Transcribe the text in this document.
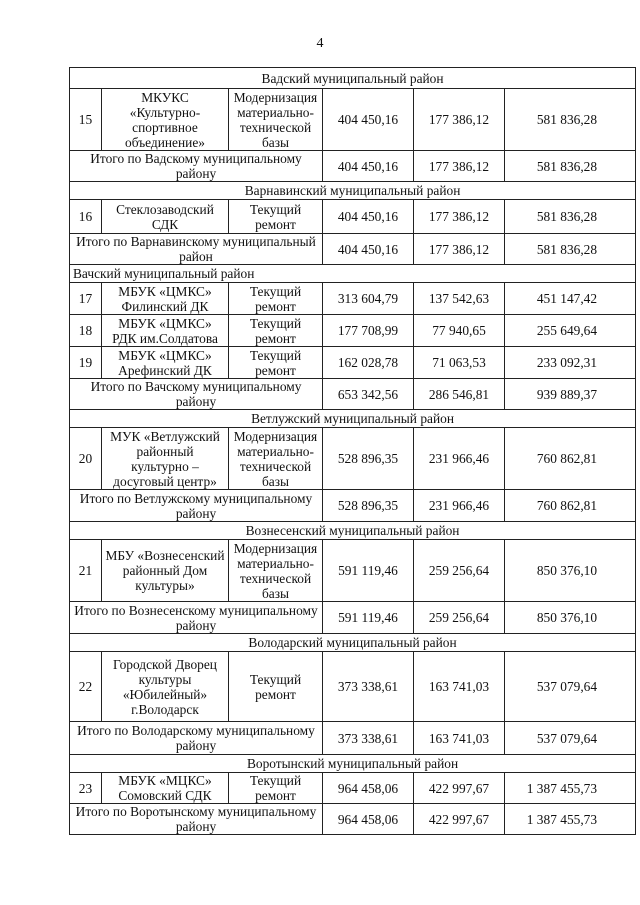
4
Вадский муниципальный район					
15	МКУКС
«Культурно-
спортивное
объединение»	Модернизация
материально-
технической
базы	404 450,16	177 386,12	581 836,28
Итого по Вадскому муниципальному
району			404 450,16	177 386,12	581 836,28
Варнавинский муниципальный район					
16	Стеклозаводский
СДК	Текущий
ремонт	404 450,16	177 386,12	581 836,28
Итого по Варнавинскому муниципальный
район			404 450,16	177 386,12	581 836,28
Вачский муниципальный район					
17	МБУК «ЦМКС»
Филинский ДК	Текущий
ремонт	313 604,79	137 542,63	451 147,42
18	МБУК «ЦМКС»
РДК им.Солдатова	Текущий
ремонт	177 708,99	77 940,65	255 649,64
19	МБУК «ЦМКС»
Арефинский ДК	Текущий
ремонт	162 028,78	71 063,53	233 092,31
Итого по Вачскому муниципальному
району			653 342,56	286 546,81	939 889,37
Ветлужский муниципальный район					
20	МУК «Ветлужский
районный
культурно –
досуговый центр»	Модернизация
материально-
технической
базы	528 896,35	231 966,46	760 862,81
Итого по Ветлужскому муниципальному
району			528 896,35	231 966,46	760 862,81
Вознесенский муниципальный район					
21	МБУ «Вознесенский
районный Дом
культуры»	Модернизация
материально-
технической
базы	591 119,46	259 256,64	850 376,10
Итого по Вознесенскому муниципальному
району			591 119,46	259 256,64	850 376,10
Володарский муниципальный район					
22	Городской Дворец
культуры
«Юбилейный»
г.Володарск	Текущий
ремонт	373 338,61	163 741,03	537 079,64
Итого по Володарскому муниципальному
району			373 338,61	163 741,03	537 079,64
Воротынский муниципальный район					
23	МБУК «МЦКС»
Сомовский СДК	Текущий
ремонт	964 458,06	422 997,67	1 387 455,73
Итого по Воротынскому муниципальному
району			964 458,06	422 997,67	1 387 455,73
